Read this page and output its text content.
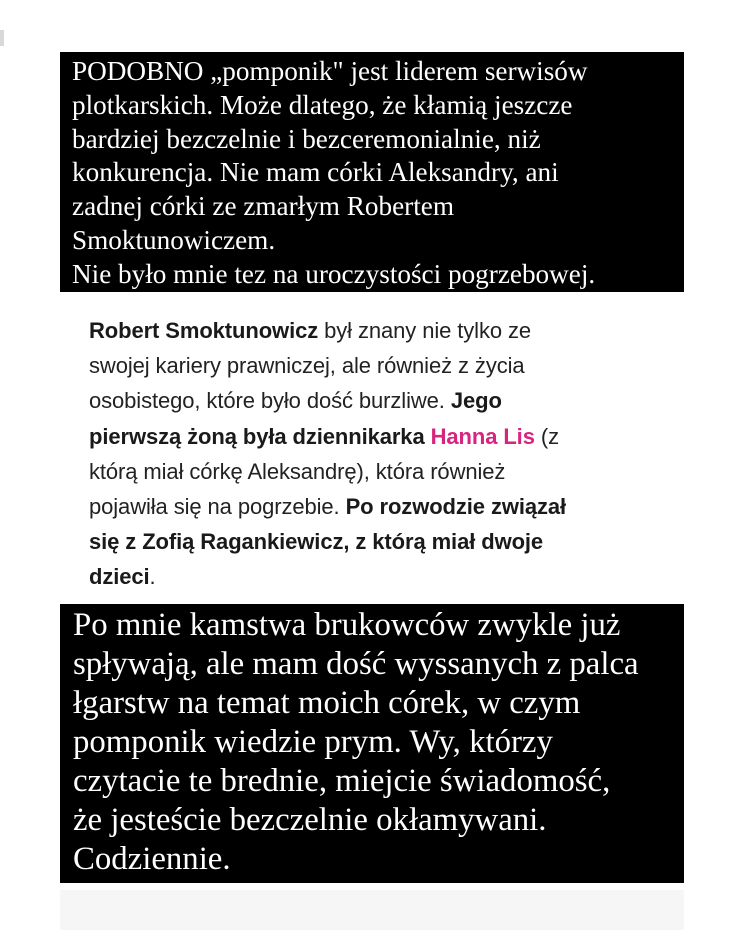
PODOBNO „pomponik" jest liderem serwisów
plotkarskich. Może dlatego, że kłamią jeszcze
bardziej bezczelnie i bezceremonialnie, niż
konkurencja. Nie mam córki Aleksandry, ani
zadnej córki ze zmarłym Robertem
Smoktunowiczem.
Nie było mnie tez na uroczystości pogrzebowej.
Robert Smoktunowicz był znany nie tylko ze
swojej kariery prawniczej, ale również z życia
osobistego, które było dość burzliwe. Jego
pierwszą żoną była dziennikarka Hanna Lis (z
którą miał córkę Aleksandrę), która również
pojawiła się na pogrzebie. Po rozwodzie związał
się z Zofią Ragankiewicz, z którą miał dwoje
dzieci.
Po mnie kamstwa brukowców zwykle już
spływają, ale mam dość wyssanych z palca
łgarstw na temat moich córek, w czym
pomponik wiedzie prym. Wy, którzy
czytacie te brednie, miejcie świadomość,
że jesteście bezczelnie okłamywani.
Codziennie.
